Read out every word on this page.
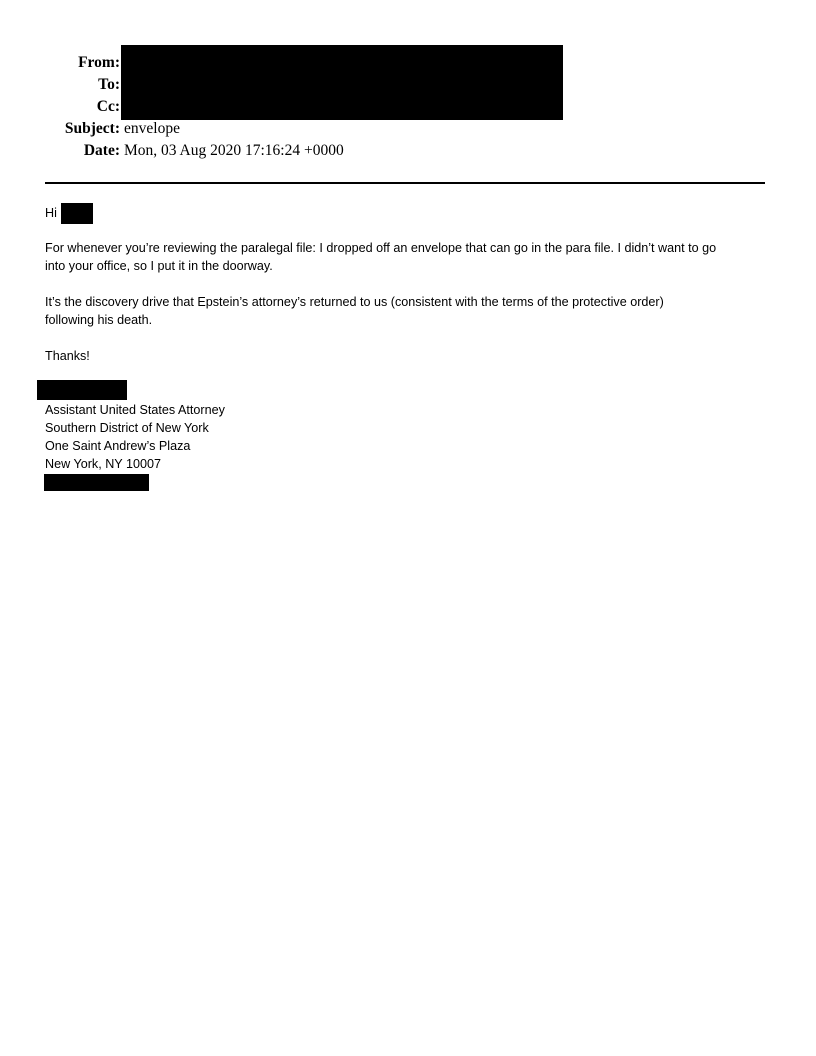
From:
To:
Cc:
Subject:
Date:
envelope
Mon, 03 Aug 2020 17:16:24 +0000
Hi
For whenever you’re reviewing the paralegal file: I dropped off an envelope that can go in the para file. I didn’t want to go
into your office, so I put it in the doorway.
It’s the discovery drive that Epstein’s attorney’s returned to us (consistent with the terms of the protective order)
following his death.
Thanks!
Assistant United States Attorney
Southern District of New York
One Saint Andrew’s Plaza
New York, NY 10007
